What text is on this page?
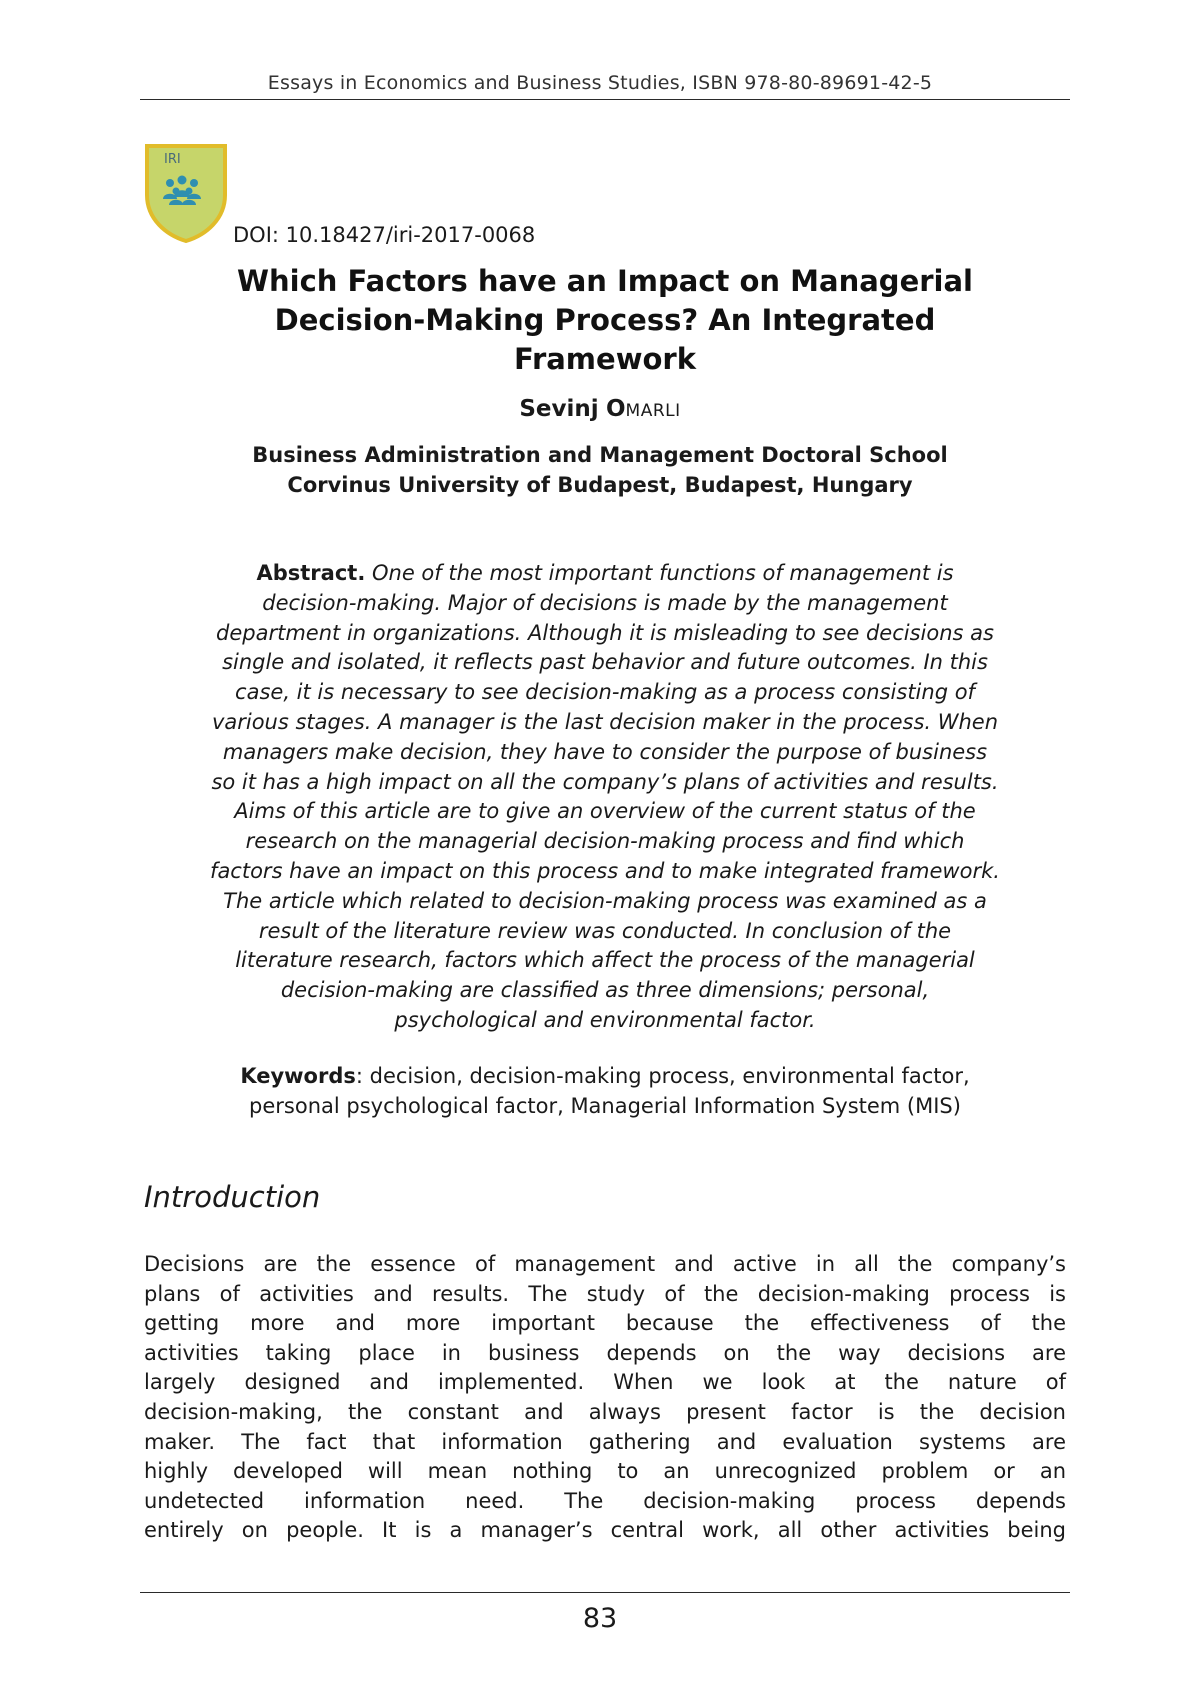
Essays in Economics and Business Studies, ISBN 978-80-89691-42-5
IRI
DOI: 10.18427/iri-2017-0068
Which Factors have an Impact on Managerial
Decision-Making Process? An Integrated
Framework
Sevinj OMARLI
Business Administration and Management Doctoral School
Corvinus University of Budapest, Budapest, Hungary
Abstract. One of the most important functions of management is
decision-making. Major of decisions is made by the management
department in organizations. Although it is misleading to see decisions as
single and isolated, it reflects past behavior and future outcomes. In this
case, it is necessary to see decision-making as a process consisting of
various stages. A manager is the last decision maker in the process. When
managers make decision, they have to consider the purpose of business
so it has a high impact on all the company’s plans of activities and results.
Aims of this article are to give an overview of the current status of the
research on the managerial decision-making process and find which
factors have an impact on this process and to make integrated framework.
The article which related to decision-making process was examined as a
result of the literature review was conducted. In conclusion of the
literature research, factors which affect the process of the managerial
decision-making are classified as three dimensions; personal,
psychological and environmental factor.
Keywords: decision, decision-making process, environmental factor,
personal psychological factor, Managerial Information System (MIS)
Introduction
Decisions are the essence of management and active in all the company’s
plans of activities and results. The study of the decision-making process is
getting more and more important because the effectiveness of the
activities taking place in business depends on the way decisions are
largely designed and implemented. When we look at the nature of
decision-making, the constant and always present factor is the decision
maker. The fact that information gathering and evaluation systems are
highly developed will mean nothing to an unrecognized problem or an
undetected information need. The decision-making process depends
entirely on people. It is a manager’s central work, all other activities being
83
